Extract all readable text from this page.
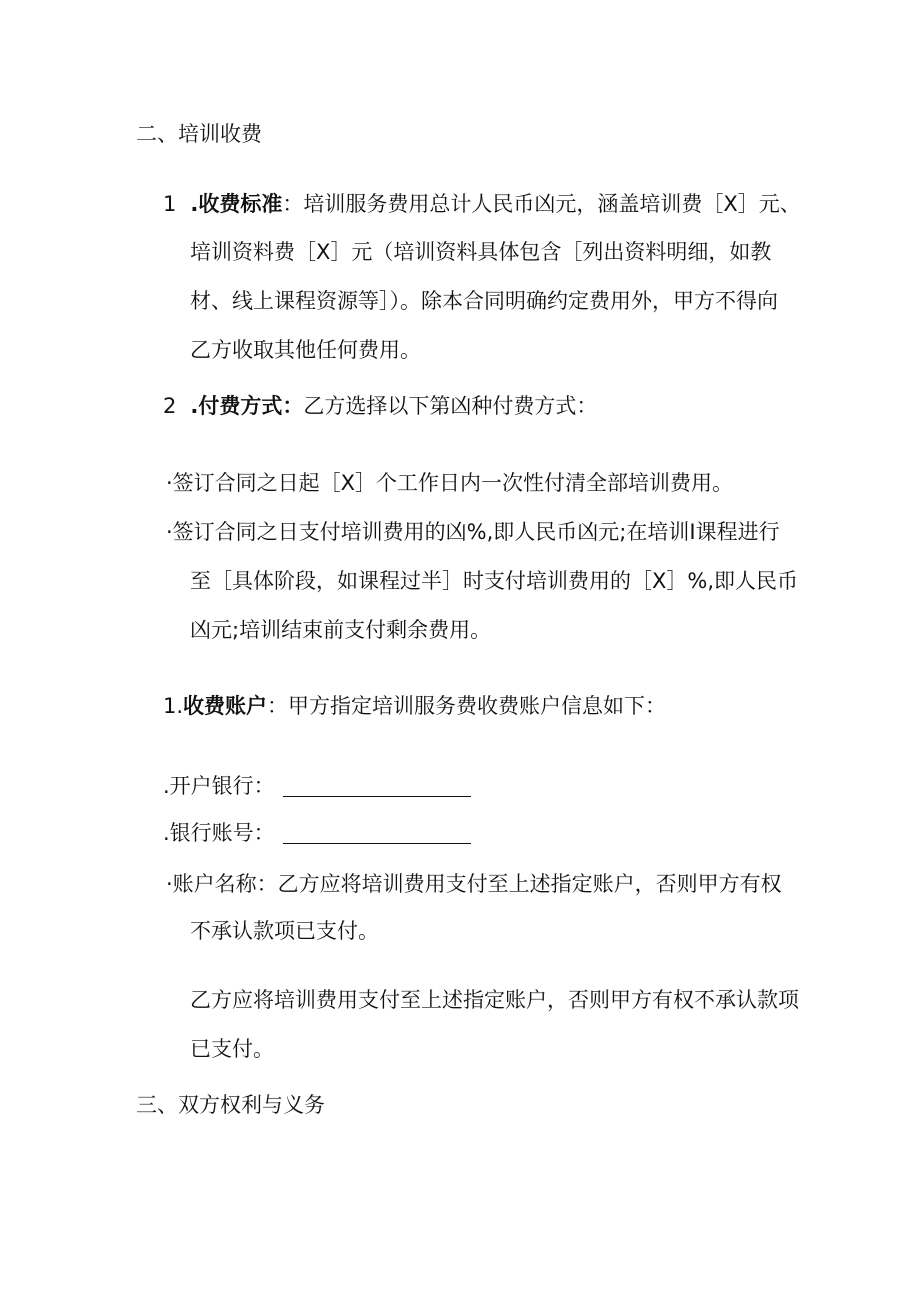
二、培训收费
1 .收费标准：培训服务费用总计人民币凶元，涵盖培训费［X］元、
培训资料费［X］元（培训资料具体包含［列出资料明细，如教
材、线上课程资源等］）。除本合同明确约定费用外，甲方不得向
乙方收取其他任何费用。
2 .付费方式：乙方选择以下第凶种付费方式：
·签订合同之日起［X］个工作日内一次性付清全部培训费用。
·签订合同之日支付培训费用的凶%,即人民币凶元;在培训I课程进行
至［具体阶段，如课程过半］时支付培训费用的［X］%,即人民币
凶元;培训结束前支付剩余费用。
1.收费账户：甲方指定培训服务费收费账户信息如下：
.开户银行：
.银行账号：
·账户名称：乙方应将培训费用支付至上述指定账户，否则甲方有权
不承认款项已支付。
乙方应将培训费用支付至上述指定账户，否则甲方有权不承认款项
已支付。
三、双方权利与义务
